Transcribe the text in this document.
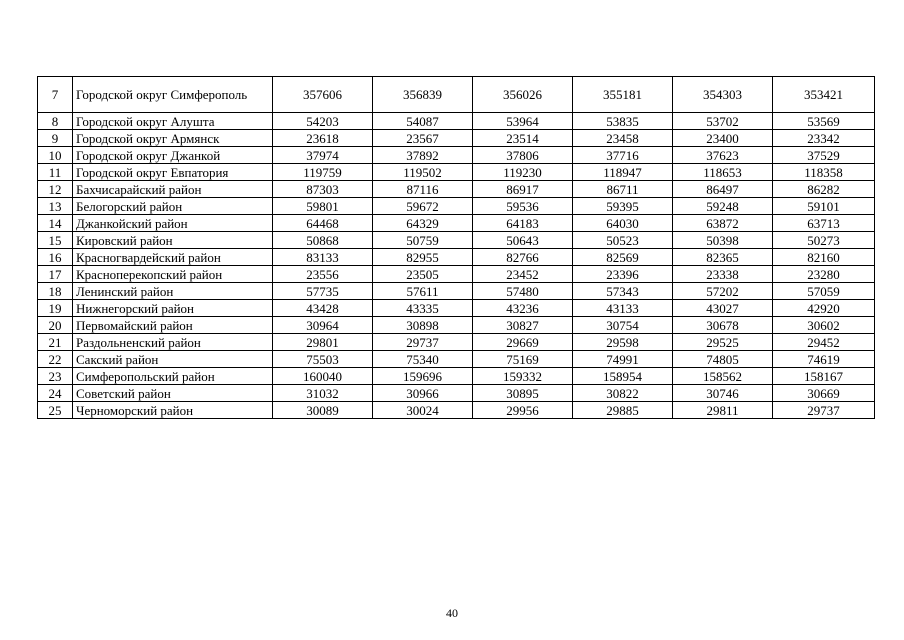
7	Городской округ Симферополь	357606	356839	356026	355181	354303	353421
8	Городской округ Алушта	54203	54087	53964	53835	53702	53569
9	Городской округ Армянск	23618	23567	23514	23458	23400	23342
10	Городской округ Джанкой	37974	37892	37806	37716	37623	37529
11	Городской округ Евпатория	119759	119502	119230	118947	118653	118358
12	Бахчисарайский район	87303	87116	86917	86711	86497	86282
13	Белогорский район	59801	59672	59536	59395	59248	59101
14	Джанкойский район	64468	64329	64183	64030	63872	63713
15	Кировский район	50868	50759	50643	50523	50398	50273
16	Красногвардейский район	83133	82955	82766	82569	82365	82160
17	Красноперекопский район	23556	23505	23452	23396	23338	23280
18	Ленинский район	57735	57611	57480	57343	57202	57059
19	Нижнегорский район	43428	43335	43236	43133	43027	42920
20	Первомайский район	30964	30898	30827	30754	30678	30602
21	Раздольненский район	29801	29737	29669	29598	29525	29452
22	Сакский район	75503	75340	75169	74991	74805	74619
23	Симферопольский район	160040	159696	159332	158954	158562	158167
24	Советский район	31032	30966	30895	30822	30746	30669
25	Черноморский район	30089	30024	29956	29885	29811	29737
40
